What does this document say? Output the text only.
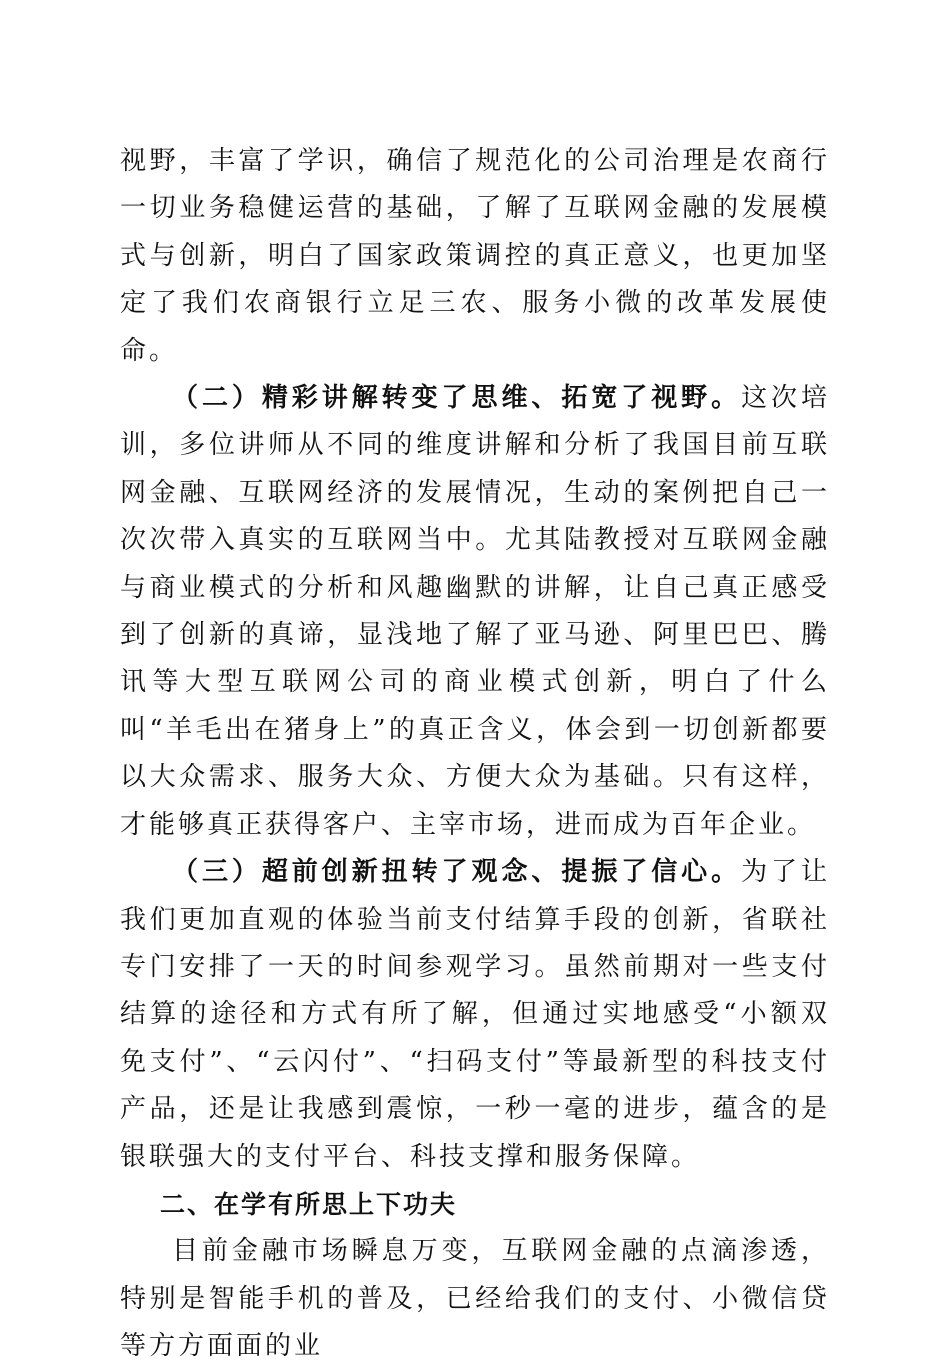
视野，丰富了学识，确信了规范化的公司治理是农商行一切业务稳健运营的基础，了解了互联网金融的发展模式与创新，明白了国家政策调控的真正意义，也更加坚定了我们农商银行立足三农、服务小微的改革发展使命。

（二）精彩讲解转变了思维、拓宽了视野。这次培训，多位讲师从不同的维度讲解和分析了我国目前互联网金融、互联网经济的发展情况，生动的案例把自己一次次带入真实的互联网当中。尤其陆教授对互联网金融与商业模式的分析和风趣幽默的讲解，让自己真正感受到了创新的真谛，显浅地了解了亚马逊、阿里巴巴、腾讯等大型互联网公司的商业模式创新，明白了什么叫“羊毛出在猪身上”的真正含义，体会到一切创新都要以大众需求、服务大众、方便大众为基础。只有这样，才能够真正获得客户、主宰市场，进而成为百年企业。

（三）超前创新扭转了观念、提振了信心。为了让我们更加直观的体验当前支付结算手段的创新，省联社专门安排了一天的时间参观学习。虽然前期对一些支付结算的途径和方式有所了解，但通过实地感受“小额双免支付”、“云闪付”、“扫码支付”等最新型的科技支付产品，还是让我感到震惊，一秒一毫的进步，蕴含的是银联强大的支付平台、科技支撑和服务保障。

二、在学有所思上下功夫

目前金融市场瞬息万变，互联网金融的点滴渗透，特别是智能手机的普及，已经给我们的支付、小微信贷等方方面面的业
